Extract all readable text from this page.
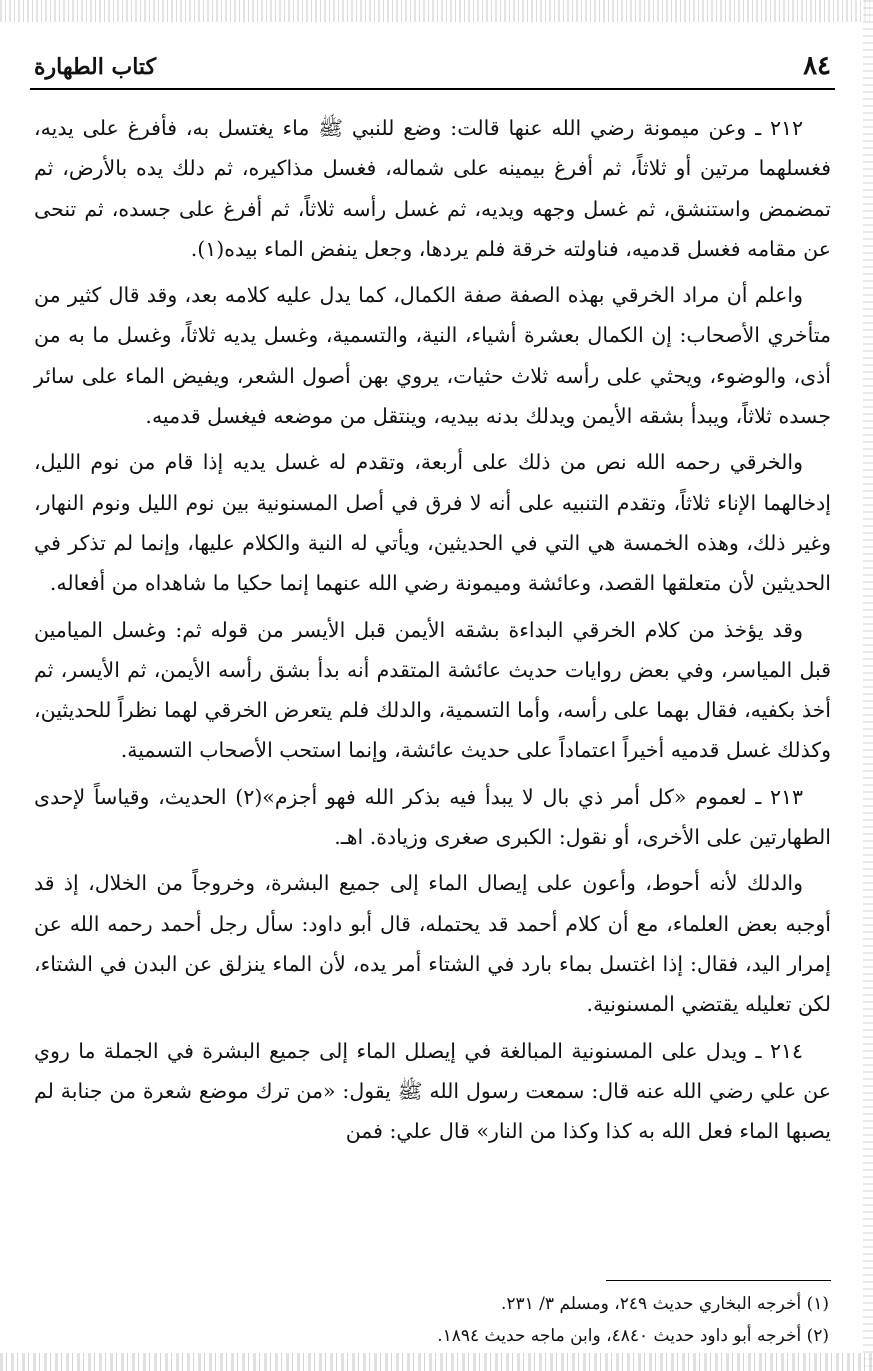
٨٤
كتاب الطهارة

٢١٢ ـ وعن ميمونة رضي الله عنها قالت: وضع للنبي ﷺ ماء يغتسل به، فأفرغ على يديه، فغسلهما مرتين أو ثلاثاً، ثم أفرغ بيمينه على شماله، فغسل مذاكيره، ثم دلك يده بالأرض، ثم تمضمض واستنشق، ثم غسل وجهه ويديه، ثم غسل رأسه ثلاثاً، ثم أفرغ على جسده، ثم تنحى عن مقامه فغسل قدميه، فناولته خرقة فلم يردها، وجعل ينفض الماء بيده(١).

واعلم أن مراد الخرقي بهذه الصفة صفة الكمال، كما يدل عليه كلامه بعد، وقد قال كثير من متأخري الأصحاب: إن الكمال بعشرة أشياء، النية، والتسمية، وغسل يديه ثلاثاً، وغسل ما به من أذى، والوضوء، ويحثي على رأسه ثلاث حثيات، يروي بهن أصول الشعر، ويفيض الماء على سائر جسده ثلاثاً، ويبدأ بشقه الأيمن ويدلك بدنه بيديه، وينتقل من موضعه فيغسل قدميه.

والخرقي رحمه الله نص من ذلك على أربعة، وتقدم له غسل يديه إذا قام من نوم الليل، إدخالهما الإناء ثلاثاً، وتقدم التنبيه على أنه لا فرق في أصل المسنونية بين نوم الليل ونوم النهار، وغير ذلك، وهذه الخمسة هي التي في الحديثين، ويأتي له النية والكلام عليها، وإنما لم تذكر في الحديثين لأن متعلقها القصد، وعائشة وميمونة رضي الله عنهما إنما حكيا ما شاهداه من أفعاله.

وقد يؤخذ من كلام الخرقي البداءة بشقه الأيمن قبل الأيسر من قوله ثم: وغسل الميامين قبل المياسر، وفي بعض روايات حديث عائشة المتقدم أنه بدأ بشق رأسه الأيمن، ثم الأيسر، ثم أخذ بكفيه، فقال بهما على رأسه، وأما التسمية، والدلك فلم يتعرض الخرقي لهما نظراً للحديثين، وكذلك غسل قدميه أخيراً اعتماداً على حديث عائشة، وإنما استحب الأصحاب التسمية.

٢١٣ ـ لعموم «كل أمر ذي بال لا يبدأ فيه بذكر الله فهو أجزم»(٢) الحديث، وقياساً لإحدى الطهارتين على الأخرى، أو نقول: الكبرى صغرى وزيادة. اهـ.

والدلك لأنه أحوط، وأعون على إيصال الماء إلى جميع البشرة، وخروجاً من الخلال، إذ قد أوجبه بعض العلماء، مع أن كلام أحمد قد يحتمله، قال أبو داود: سأل رجل أحمد رحمه الله عن إمرار اليد، فقال: إذا اغتسل بماء بارد في الشتاء أمر يده، لأن الماء ينزلق عن البدن في الشتاء، لكن تعليله يقتضي المسنونية.

٢١٤ ـ ويدل على المسنونية المبالغة في إيصلل الماء إلى جميع البشرة في الجملة ما روي عن علي رضي الله عنه قال: سمعت رسول الله ﷺ يقول: «من ترك موضع شعرة من جنابة لم يصبها الماء فعل الله به كذا وكذا من النار» قال علي: فمن

(١) أخرجه البخاري حديث ٢٤٩، ومسلم ٣/ ٢٣١.
(٢) أخرجه أبو داود حديث ٤٨٤٠، وابن ماجه حديث ١٨٩٤.
